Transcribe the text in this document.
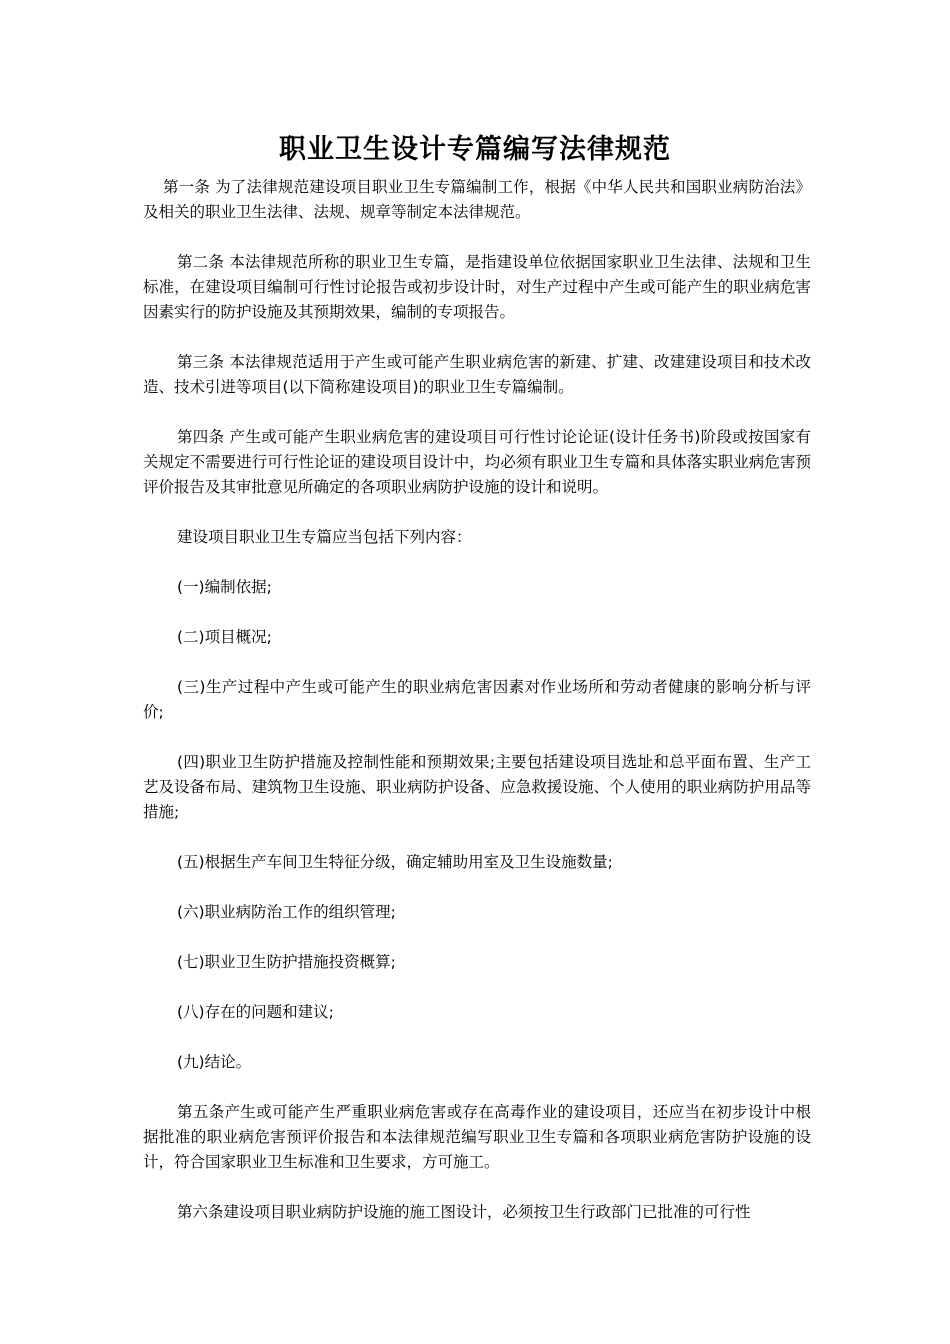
职业卫生设计专篇编写法律规范

第一条 为了法律规范建设项目职业卫生专篇编制工作，根据《中华人民共和国职业病防治法》及相关的职业卫生法律、法规、规章等制定本法律规范。

第二条 本法律规范所称的职业卫生专篇，是指建设单位依据国家职业卫生法律、法规和卫生标准，在建设项目编制可行性讨论报告或初步设计时，对生产过程中产生或可能产生的职业病危害因素实行的防护设施及其预期效果，编制的专项报告。

第三条 本法律规范适用于产生或可能产生职业病危害的新建、扩建、改建建设项目和技术改造、技术引进等项目(以下简称建设项目)的职业卫生专篇编制。

第四条 产生或可能产生职业病危害的建设项目可行性讨论论证(设计任务书)阶段或按国家有关规定不需要进行可行性论证的建设项目设计中，均必须有职业卫生专篇和具体落实职业病危害预评价报告及其审批意见所确定的各项职业病防护设施的设计和说明。

建设项目职业卫生专篇应当包括下列内容：

(一)编制依据;

(二)项目概况;

(三)生产过程中产生或可能产生的职业病危害因素对作业场所和劳动者健康的影响分析与评价;

(四)职业卫生防护措施及控制性能和预期效果;主要包括建设项目选址和总平面布置、生产工艺及设备布局、建筑物卫生设施、职业病防护设备、应急救援设施、个人使用的职业病防护用品等措施;

(五)根据生产车间卫生特征分级，确定辅助用室及卫生设施数量;

(六)职业病防治工作的组织管理;

(七)职业卫生防护措施投资概算;

(八)存在的问题和建议;

(九)结论。

第五条产生或可能产生严重职业病危害或存在高毒作业的建设项目，还应当在初步设计中根据批准的职业病危害预评价报告和本法律规范编写职业卫生专篇和各项职业病危害防护设施的设计，符合国家职业卫生标准和卫生要求，方可施工。

第六条建设项目职业病防护设施的施工图设计，必须按卫生行政部门已批准的可行性
